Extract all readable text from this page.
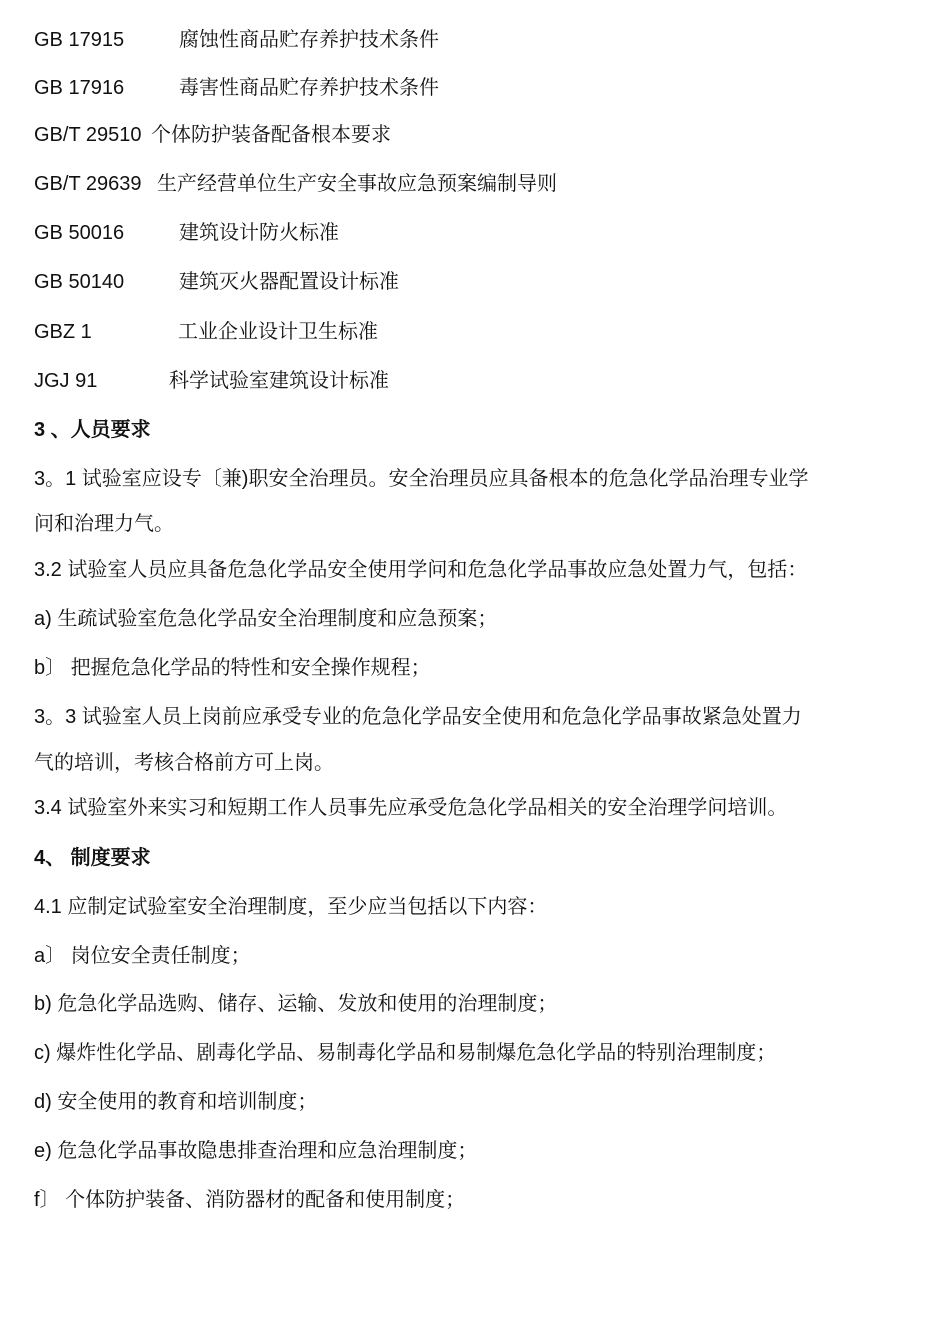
GB 17915	腐蚀性商品贮存养护技术条件
GB 17916	毒害性商品贮存养护技术条件
GB/T 29510 个体防护装备配备根本要求
GB/T 29639 生产经营单位生产安全事故应急预案编制导则
GB 50016	建筑设计防火标准
GB 50140	建筑灭火器配置设计标准
GBZ 1	工业企业设计卫生标准
JGJ 91	科学试验室建筑设计标准
3 、人员要求
3。1 试验室应设专〔兼)职安全治理员。安全治理员应具备根本的危急化学品治理专业学
问和治理力气。
3.2 试验室人员应具备危急化学品安全使用学问和危急化学品事故应急处置力气，包括：
a) 生疏试验室危急化学品安全治理制度和应急预案；
b〕 把握危急化学品的特性和安全操作规程；
3。3 试验室人员上岗前应承受专业的危急化学品安全使用和危急化学品事故紧急处置力
气的培训，考核合格前方可上岗。
3.4 试验室外来实习和短期工作人员事先应承受危急化学品相关的安全治理学问培训。
4、 制度要求
4.1 应制定试验室安全治理制度，至少应当包括以下内容：
a〕 岗位安全责任制度；
b) 危急化学品选购、储存、运输、发放和使用的治理制度；
c) 爆炸性化学品、剧毒化学品、易制毒化学品和易制爆危急化学品的特别治理制度；
d) 安全使用的教育和培训制度；
e) 危急化学品事故隐患排查治理和应急治理制度；
f〕 个体防护装备、消防器材的配备和使用制度；
